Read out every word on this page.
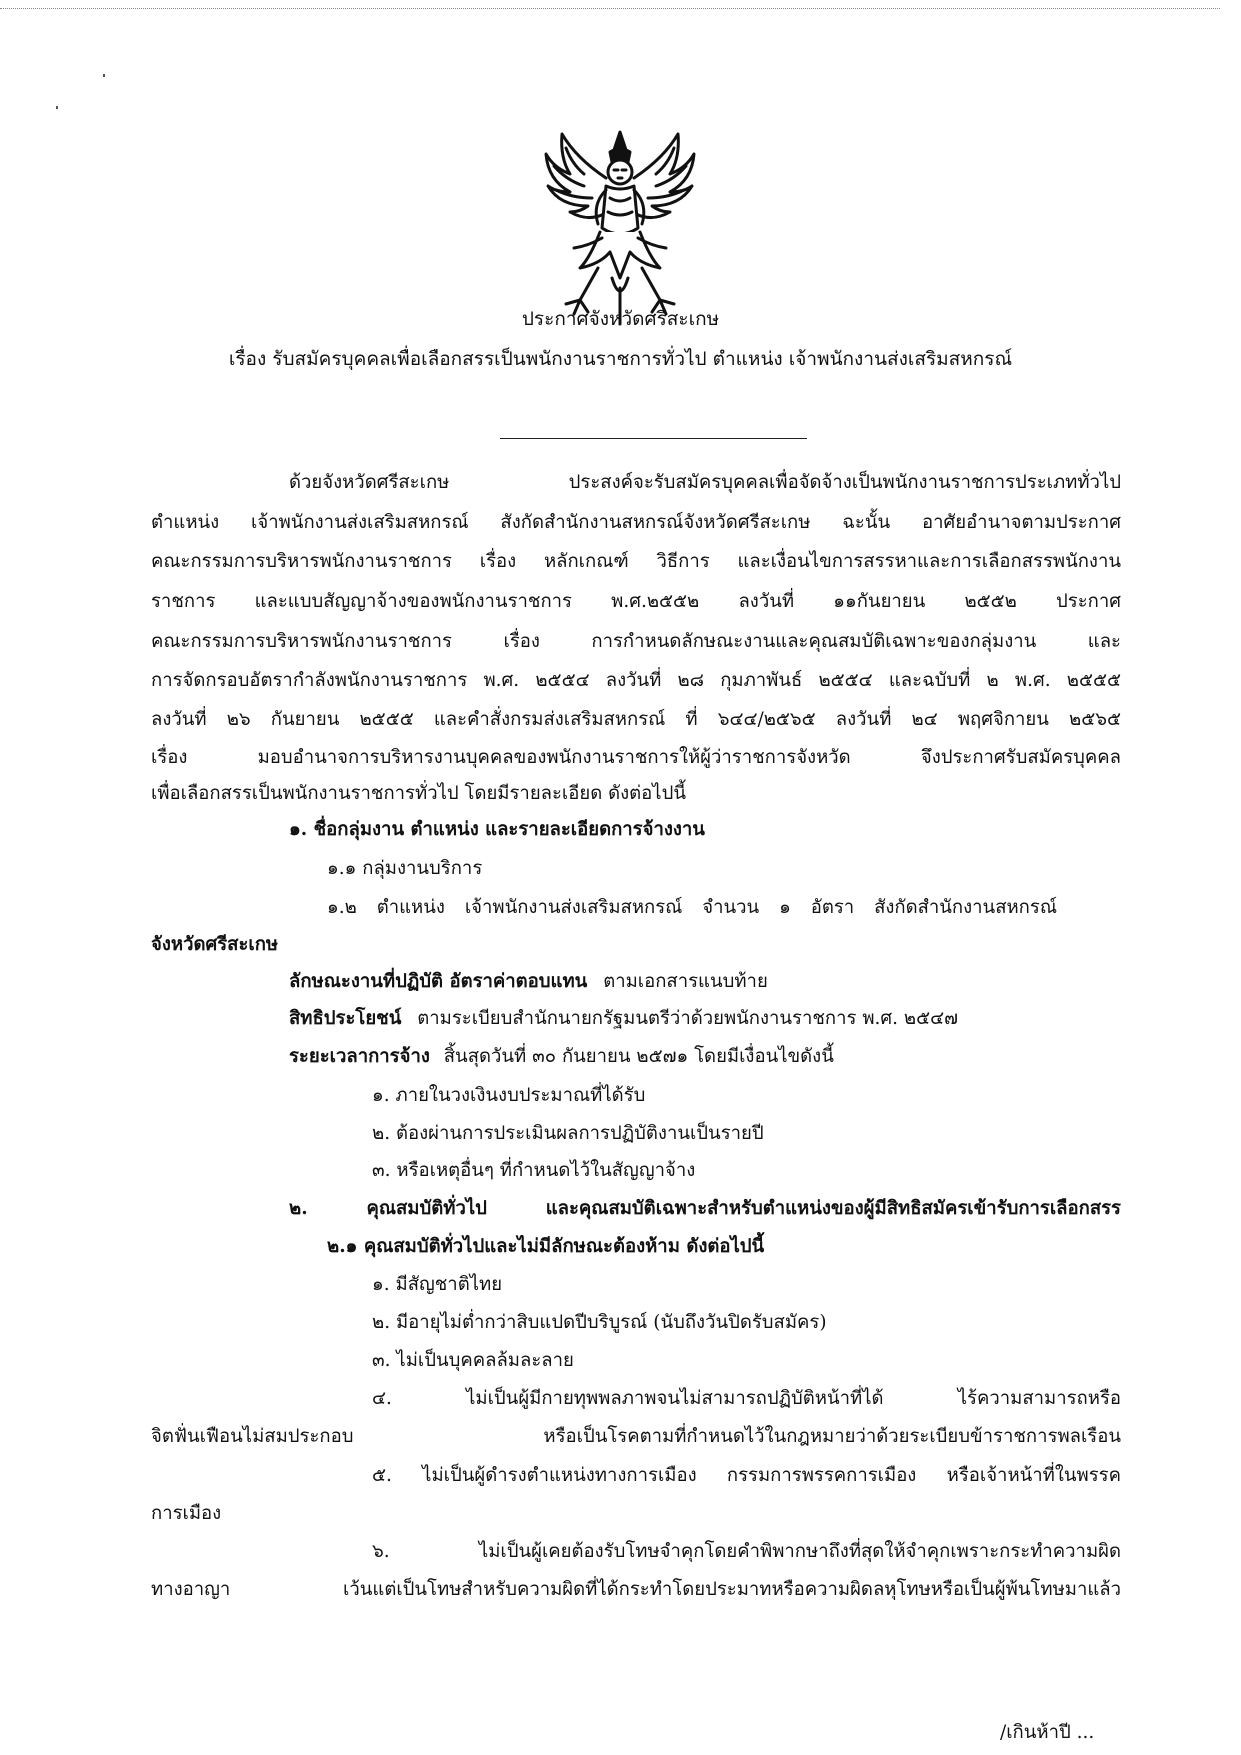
ประกาศจังหวัดศรีสะเกษ
เรื่อง รับสมัครบุคคลเพื่อเลือกสรรเป็นพนักงานราชการทั่วไป ตำแหน่ง เจ้าพนักงานส่งเสริมสหกรณ์
ด้วยจังหวัดศรีสะเกษ ประสงค์จะรับสมัครบุคคลเพื่อจัดจ้างเป็นพนักงานราชการประเภททั่วไป
ตำแหน่ง เจ้าพนักงานส่งเสริมสหกรณ์ สังกัดสำนักงานสหกรณ์จังหวัดศรีสะเกษ ฉะนั้น อาศัยอำนาจตามประกาศ
คณะกรรมการบริหารพนักงานราชการ เรื่อง หลักเกณฑ์ วิธีการ และเงื่อนไขการสรรหาและการเลือกสรรพนักงาน
ราชการ และแบบสัญญาจ้างของพนักงานราชการ พ.ศ.๒๕๕๒ ลงวันที่ ๑๑กันยายน ๒๕๕๒ ประกาศ
คณะกรรมการบริหารพนักงานราชการ เรื่อง การกำหนดลักษณะงานและคุณสมบัติเฉพาะของกลุ่มงาน และ
การจัดกรอบอัตรากำลังพนักงานราชการ พ.ศ. ๒๕๕๔ ลงวันที่ ๒๘ กุมภาพันธ์ ๒๕๕๔ และฉบับที่ ๒ พ.ศ. ๒๕๕๕
ลงวันที่ ๒๖ กันยายน ๒๕๕๕ และคำสั่งกรมส่งเสริมสหกรณ์ ที่ ๖๔๔/๒๕๖๕ ลงวันที่ ๒๔ พฤศจิกายน ๒๕๖๕
เรื่อง มอบอำนาจการบริหารงานบุคคลของพนักงานราชการให้ผู้ว่าราชการจังหวัด จึงประกาศรับสมัครบุคคล
เพื่อเลือกสรรเป็นพนักงานราชการทั่วไป โดยมีรายละเอียด ดังต่อไปนี้
๑. ชื่อกลุ่มงาน ตำแหน่ง และรายละเอียดการจ้างงาน
๑.๑ กลุ่มงานบริการ
๑.๒ ตำแหน่ง เจ้าพนักงานส่งเสริมสหกรณ์ จำนวน ๑ อัตรา สังกัดสำนักงานสหกรณ์
จังหวัดศรีสะเกษ
ลักษณะงานที่ปฏิบัติ อัตราค่าตอบแทน ตามเอกสารแนบท้าย
สิทธิประโยชน์ ตามระเบียบสำนักนายกรัฐมนตรีว่าด้วยพนักงานราชการ พ.ศ. ๒๕๔๗
ระยะเวลาการจ้าง สิ้นสุดวันที่ ๓๐ กันยายน ๒๕๗๑ โดยมีเงื่อนไขดังนี้
๑. ภายในวงเงินงบประมาณที่ได้รับ
๒. ต้องผ่านการประเมินผลการปฏิบัติงานเป็นรายปี
๓. หรือเหตุอื่นๆ ที่กำหนดไว้ในสัญญาจ้าง
๒. คุณสมบัติทั่วไป และคุณสมบัติเฉพาะสำหรับตำแหน่งของผู้มีสิทธิสมัครเข้ารับการเลือกสรร
๒.๑ คุณสมบัติทั่วไปและไม่มีลักษณะต้องห้าม ดังต่อไปนี้
๑. มีสัญชาติไทย
๒. มีอายุไม่ต่ำกว่าสิบแปดปีบริบูรณ์ (นับถึงวันปิดรับสมัคร)
๓. ไม่เป็นบุคคลล้มละลาย
๔. ไม่เป็นผู้มีกายทุพพลภาพจนไม่สามารถปฏิบัติหน้าที่ได้ ไร้ความสามารถหรือ
จิตฟั่นเฟือนไม่สมประกอบ หรือเป็นโรคตามที่กำหนดไว้ในกฎหมายว่าด้วยระเบียบข้าราชการพลเรือน
๕. ไม่เป็นผู้ดำรงตำแหน่งทางการเมือง กรรมการพรรคการเมือง หรือเจ้าหน้าที่ในพรรค
การเมือง
๖. ไม่เป็นผู้เคยต้องรับโทษจำคุกโดยคำพิพากษาถึงที่สุดให้จำคุกเพราะกระทำความผิด
ทางอาญา เว้นแต่เป็นโทษสำหรับความผิดที่ได้กระทำโดยประมาทหรือความผิดลหุโทษหรือเป็นผู้พ้นโทษมาแล้ว
/เกินห้าปี ...
